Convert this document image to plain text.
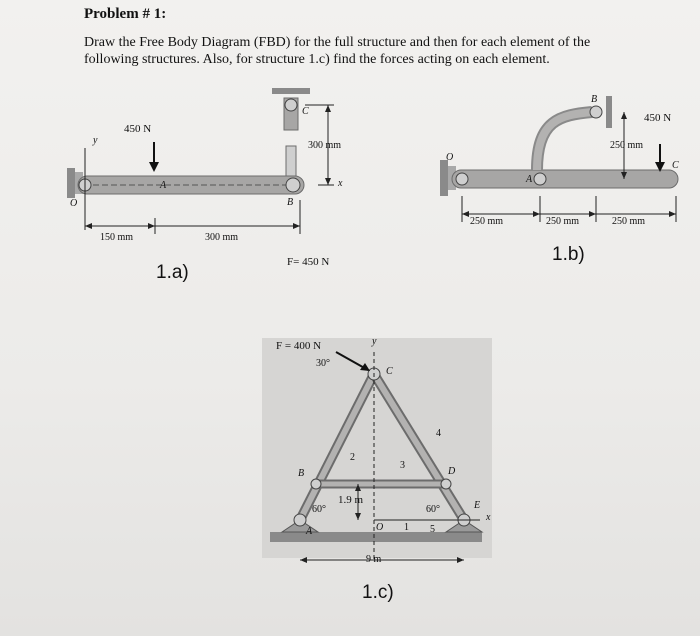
Problem # 1:
Draw the Free Body Diagram (FBD) for the full structure and then for each element of the following structures. Also, for structure 1.c) find the forces acting on each element.
450 N
y
O
A
B
C
x
150 mm	300 mm
300 mm
F= 450 N
1.a)
O
A
B
C
450 N
250 mm
250 mm	250 mm	250 mm
1.b)
F = 400 N
30°
y
C
B	D
E
A	O
x
1
2
3
4
5
60°	60°
1.9 m
9 m
1.c)
